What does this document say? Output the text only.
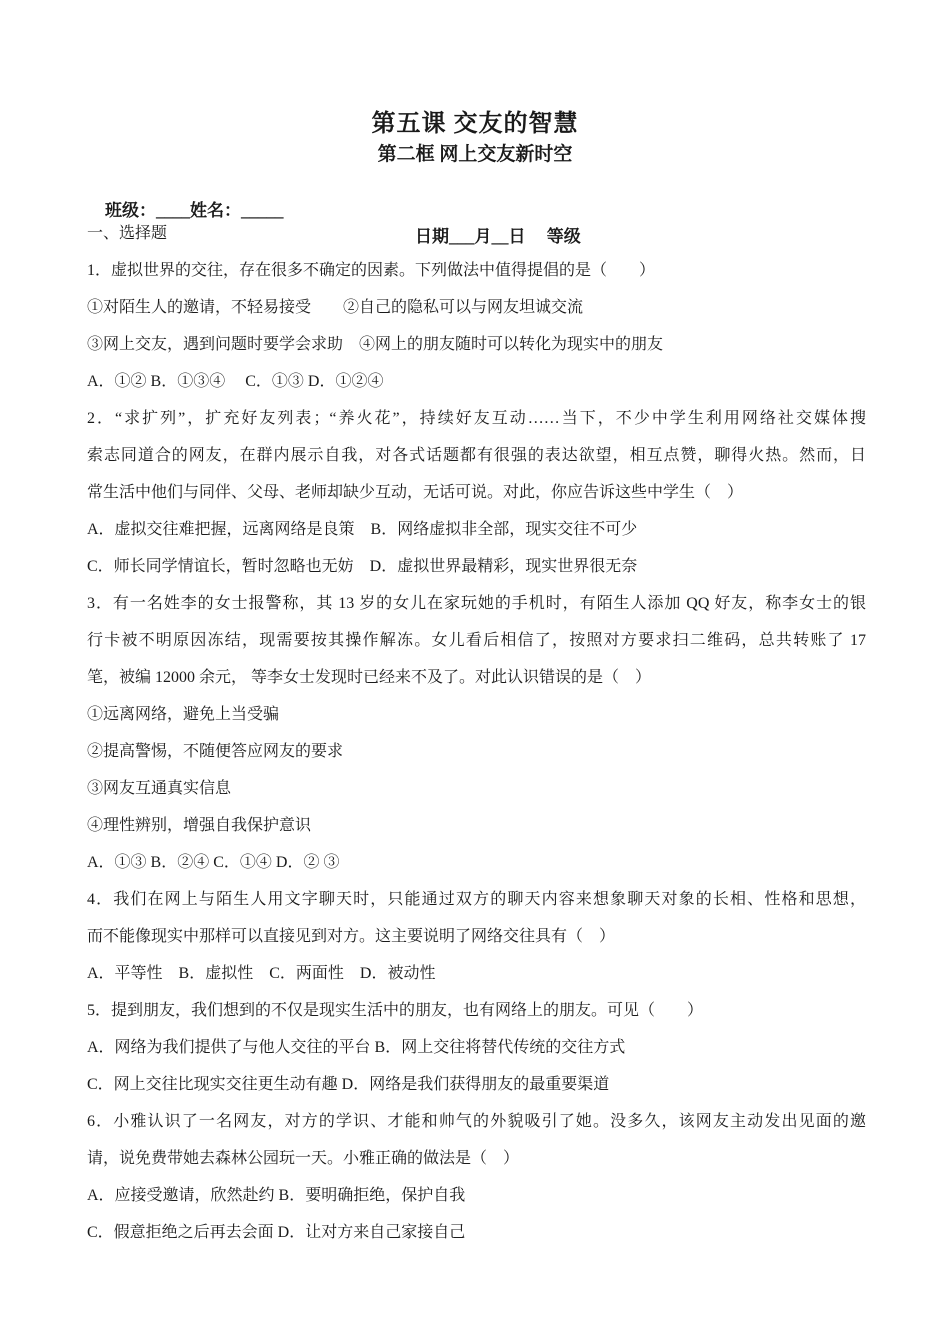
第五课 交友的智慧
第二框 网上交友新时空

班级：____姓名：_____

日期___月__日　 等级

一、选择题
1．虚拟世界的交往，存在很多不确定的因素。下列做法中值得提倡的是（　　）
①对陌生人的邀请，不轻易接受　　②自己的隐私可以与网友坦诚交流
③网上交友，遇到问题时要学会求助　④网上的朋友随时可以转化为现实中的朋友
A．①② B．①③④　 C．①③ D．①②④
2．“求扩列”，扩充好友列表；“养火花”，持续好友互动……当下，不少中学生利用网络社交媒体搜
索志同道合的网友，在群内展示自我，对各式话题都有很强的表达欲望，相互点赞，聊得火热。然而，日
常生活中他们与同伴、父母、老师却缺少互动，无话可说。对此，你应告诉这些中学生（　）
A．虚拟交往难把握，远离网络是良策　B．网络虚拟非全部，现实交往不可少
C．师长同学情谊长，暂时忽略也无妨　D．虚拟世界最精彩，现实世界很无奈
3．有一名姓李的女士报警称，其 13 岁的女儿在家玩她的手机时，有陌生人添加 QQ 好友，称李女士的银
行卡被不明原因冻结，现需要按其操作解冻。女儿看后相信了，按照对方要求扫二维码，总共转账了 17
笔，被编 12000 余元， 等李女士发现时已经来不及了。对此认识错误的是（　）
①远离网络，避免上当受骗
②提高警惕，不随便答应网友的要求
③网友互通真实信息
④理性辨别，增强自我保护意识
A．①③ B．②④ C．①④ D．② ③
4．我们在网上与陌生人用文字聊天时，只能通过双方的聊天内容来想象聊天对象的长相、性格和思想，
而不能像现实中那样可以直接见到对方。这主要说明了网络交往具有（　）
A．平等性　B．虚拟性　C．两面性　D．被动性
5．提到朋友，我们想到的不仅是现实生活中的朋友，也有网络上的朋友。可见（　　）
A．网络为我们提供了与他人交往的平台 B．网上交往将替代传统的交往方式
C．网上交往比现实交往更生动有趣 D．网络是我们获得朋友的最重要渠道
6．小雅认识了一名网友，对方的学识、才能和帅气的外貌吸引了她。没多久，该网友主动发出见面的邀
请，说免费带她去森林公园玩一天。小雅正确的做法是（　）
A．应接受邀请，欣然赴约 B．要明确拒绝，保护自我
C．假意拒绝之后再去会面 D．让对方来自己家接自己
